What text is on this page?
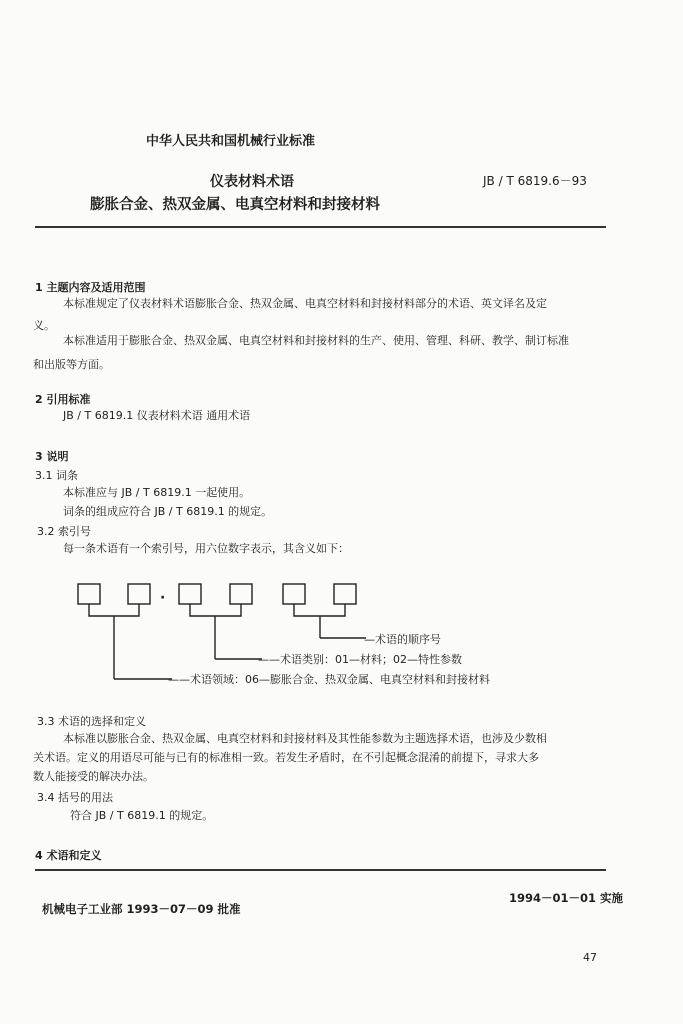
中华人民共和国机械行业标准
仪表材料术语
膨胀合金、热双金属、电真空材料和封接材料
JB / T 6819.6－93
1 主题内容及适用范围
本标准规定了仪表材料术语膨胀合金、热双金属、电真空材料和封接材料部分的术语、英文译名及定
义。
本标准适用于膨胀合金、热双金属、电真空材料和封接材料的生产、使用、管理、科研、教学、制订标准
和出版等方面。
2 引用标准
JB / T 6819.1 仪表材料术语 通用术语
3 说明
3.1 词条
本标准应与 JB / T 6819.1 一起使用。
词条的组成应符合 JB / T 6819.1 的规定。
3.2 索引号
每一条术语有一个索引号，用六位数字表示，其含义如下：
·
—术语的顺序号
——术语类别：01—材料；02—特性参数
——术语领域：06—膨胀合金、热双金属、电真空材料和封接材料
3.3 术语的选择和定义
本标准以膨胀合金、热双金属、电真空材料和封接材料及其性能参数为主题选择术语，也涉及少数相
关术语。定义的用语尽可能与已有的标准相一致。若发生矛盾时，在不引起概念混淆的前提下，寻求大多
数人能接受的解决办法。
3.4 括号的用法
符合 JB / T 6819.1 的规定。
4 术语和定义
机械电子工业部 1993－07－09 批准
1994－01－01 实施
47
